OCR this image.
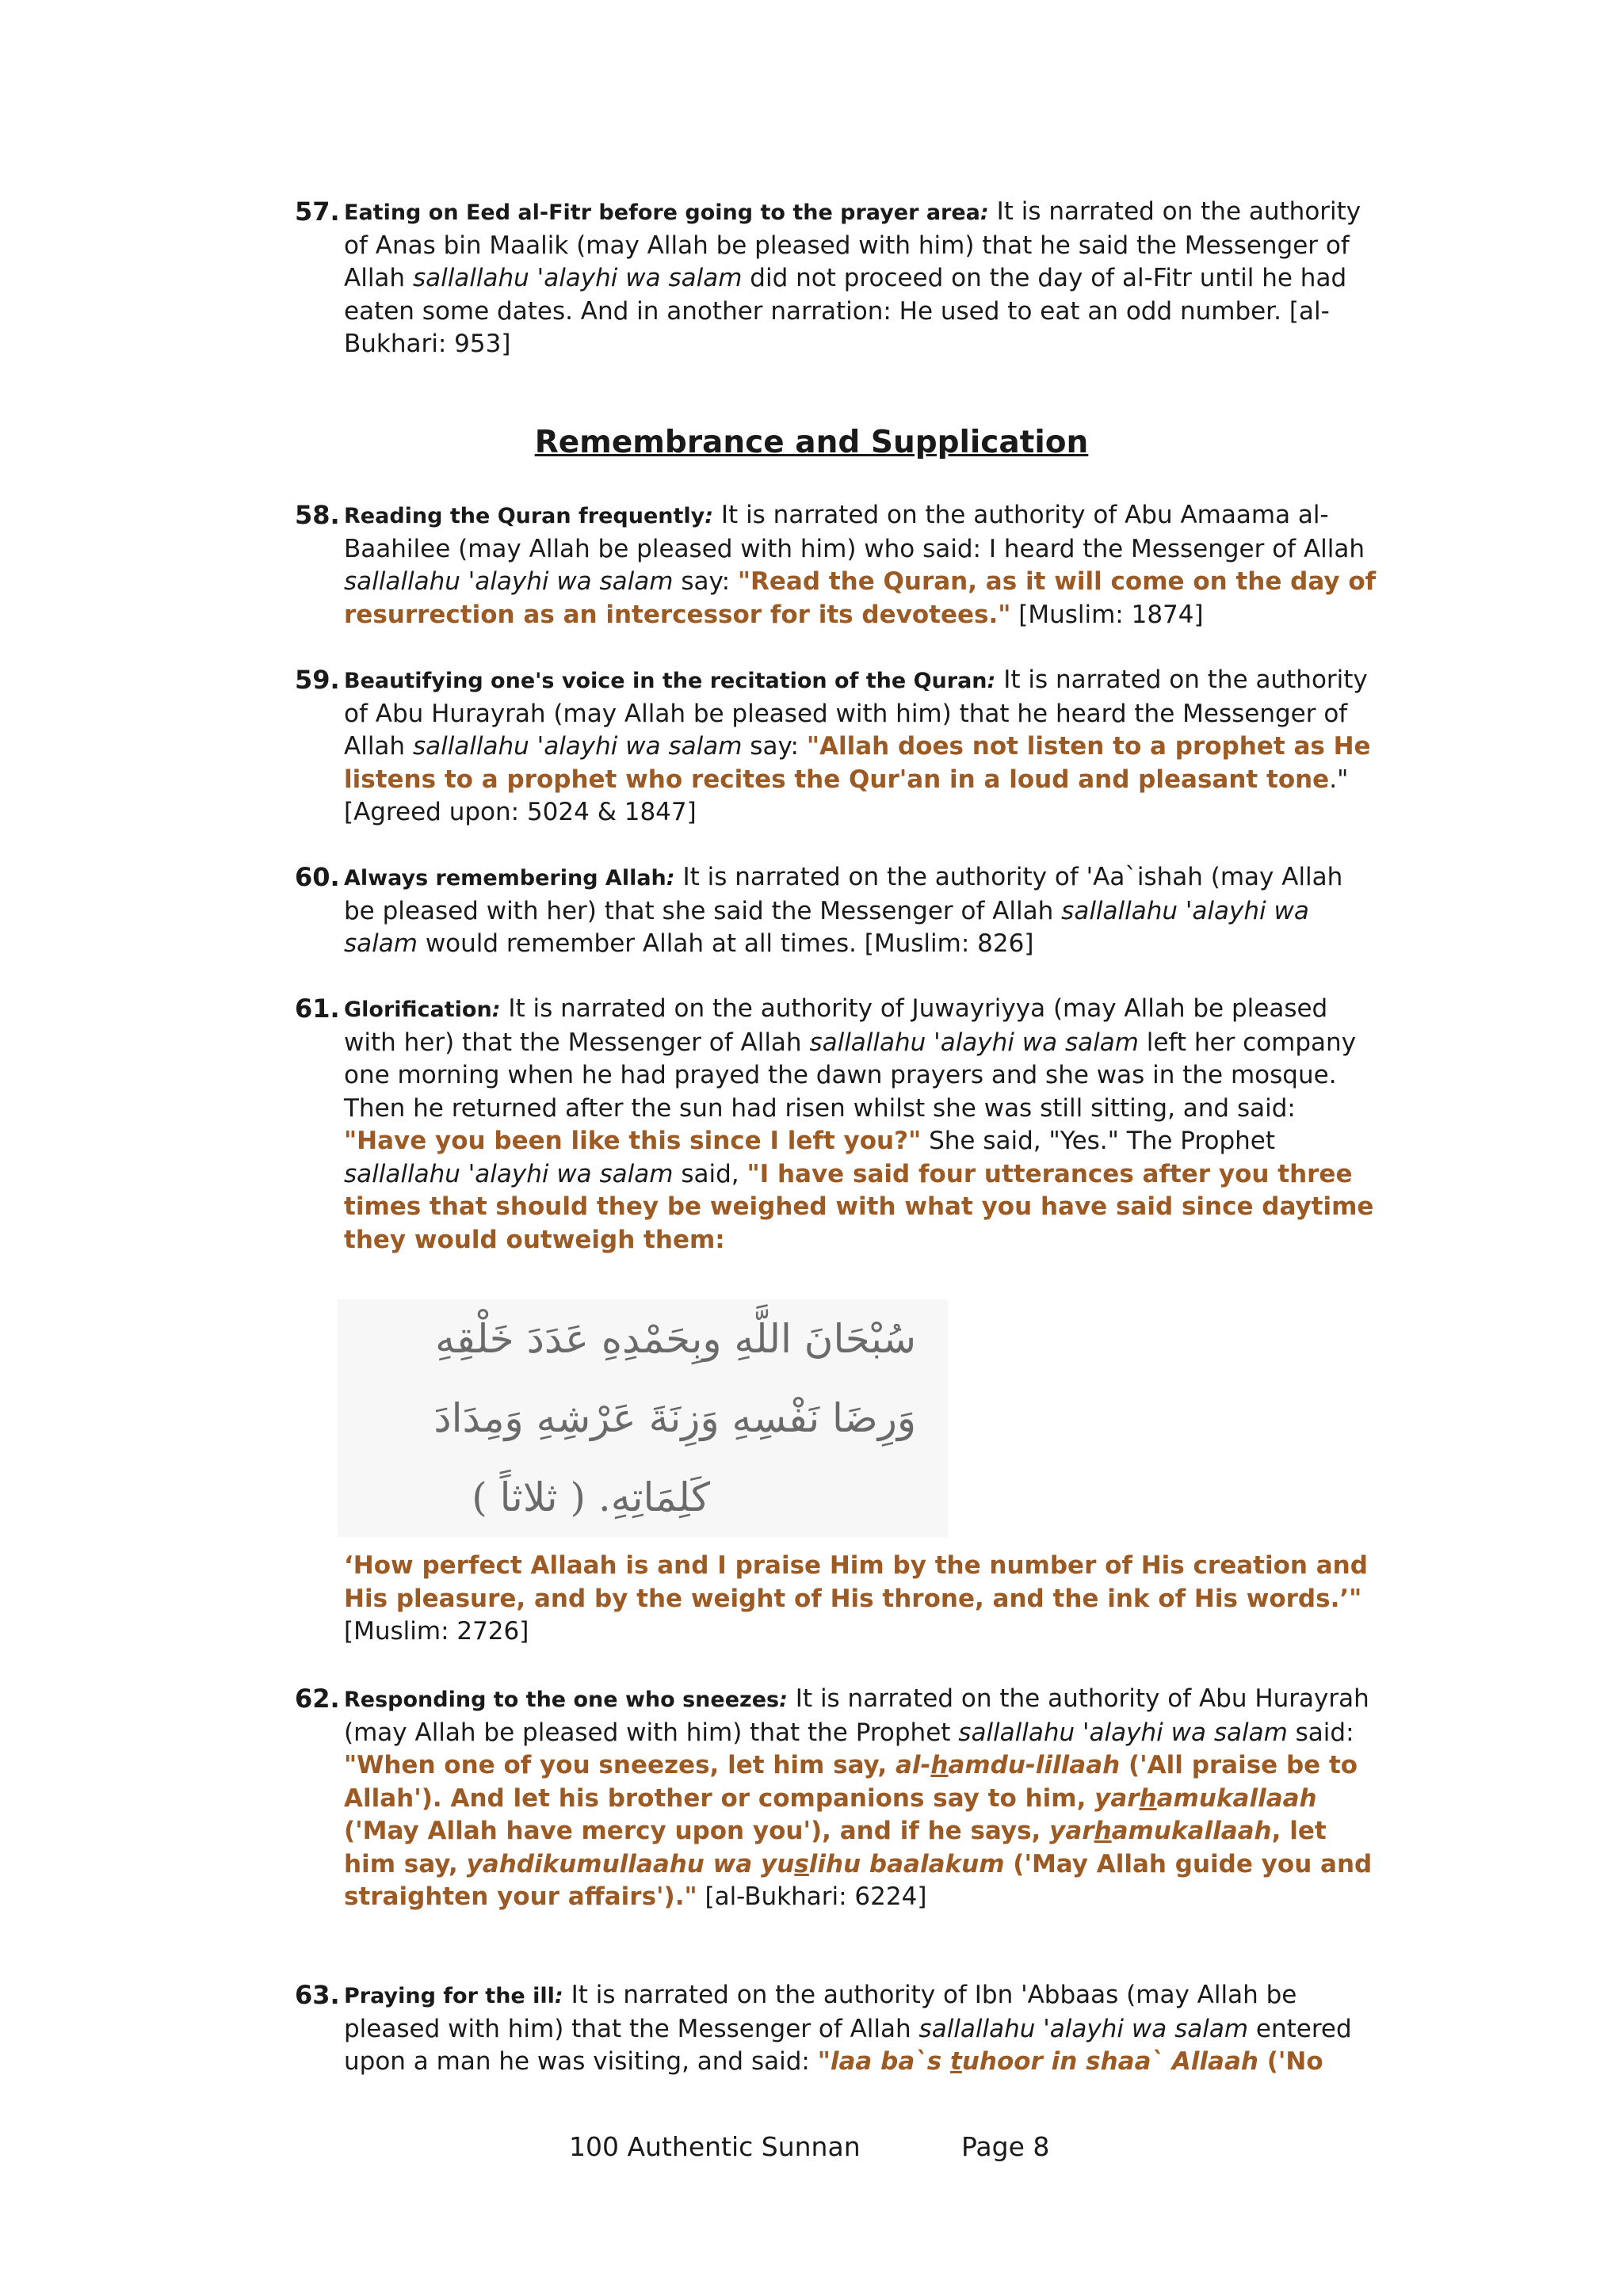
57. Eating on Eed al-Fitr before going to the prayer area: It is narrated on the authority of Anas bin Maalik (may Allah be pleased with him) that he said the Messenger of Allah sallallahu 'alayhi wa salam did not proceed on the day of al-Fitr until he had eaten some dates. And in another narration: He used to eat an odd number. [al-Bukhari: 953]

Remembrance and Supplication
58. Reading the Quran frequently: It is narrated on the authority of Abu Amaama al-Baahilee (may Allah be pleased with him) who said: I heard the Messenger of Allah sallallahu 'alayhi wa salam say: "Read the Quran, as it will come on the day of resurrection as an intercessor for its devotees." [Muslim: 1874]

59. Beautifying one's voice in the recitation of the Quran: It is narrated on the authority of Abu Hurayrah (may Allah be pleased with him) that he heard the Messenger of Allah sallallahu 'alayhi wa salam say: "Allah does not listen to a prophet as He listens to a prophet who recites the Qur'an in a loud and pleasant tone." [Agreed upon: 5024 & 1847]

60. Always remembering Allah: It is narrated on the authority of 'Aa`ishah (may Allah be pleased with her) that she said the Messenger of Allah sallallahu 'alayhi wa salam would remember Allah at all times. [Muslim: 826]

61. Glorification: It is narrated on the authority of Juwayriyya (may Allah be pleased with her) that the Messenger of Allah sallallahu 'alayhi wa salam left her company one morning when he had prayed the dawn prayers and she was in the mosque. Then he returned after the sun had risen whilst she was still sitting, and said: "Have you been like this since I left you?" She said, "Yes." The Prophet sallallahu 'alayhi wa salam said, "I have said four utterances after you three times that should they be weighed with what you have said since daytime they would outweigh them:

سُبْحَانَ اللَّهِ وبِحَمْدِهِ عَدَدَ خَلْقِهِ
وَرِضَا نَفْسِهِ وَزِنَةَ عَرْشِهِ وَمِدَادَ
كَلِمَاتِهِ. ( ثلاثاً )

‘How perfect Allaah is and I praise Him by the number of His creation and His pleasure, and by the weight of His throne, and the ink of His words.’"
[Muslim: 2726]

62. Responding to the one who sneezes: It is narrated on the authority of Abu Hurayrah (may Allah be pleased with him) that the Prophet sallallahu 'alayhi wa salam said: "When one of you sneezes, let him say, al-hamdu-lillaah ('All praise be to Allah'). And let his brother or companions say to him, yarhamukallaah ('May Allah have mercy upon you'), and if he says, yarhamukallaah, let him say, yahdikumullaahu wa yuslihu baalakum ('May Allah guide you and straighten your affairs')." [al-Bukhari: 6224]

63. Praying for the ill: It is narrated on the authority of Ibn 'Abbaas (may Allah be pleased with him) that the Messenger of Allah sallallahu 'alayhi wa salam entered upon a man he was visiting, and said: "laa ba`s tuhoor in shaa` Allaah ('No

100 Authentic Sunnan	Page 8
